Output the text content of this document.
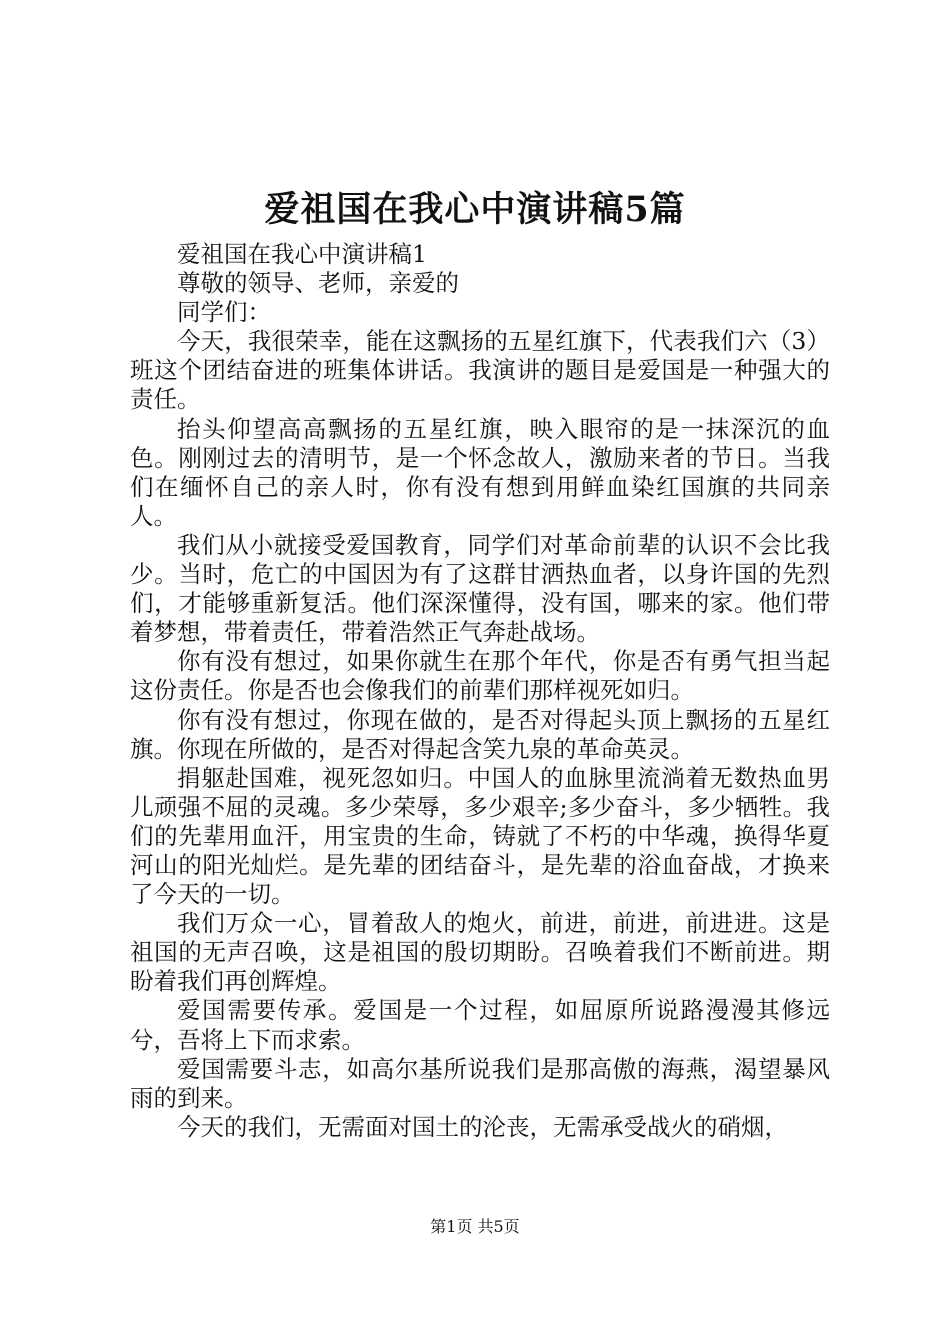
爱祖国在我心中演讲稿5篇

爱祖国在我心中演讲稿1

尊敬的领导、老师，亲爱的

同学们：

今天，我很荣幸，能在这飘扬的五星红旗下，代表我们六（3）班这个团结奋进的班集体讲话。我演讲的题目是爱国是一种强大的责任。

抬头仰望高高飘扬的五星红旗，映入眼帘的是一抹深沉的血色。刚刚过去的清明节，是一个怀念故人，激励来者的节日。当我们在缅怀自己的亲人时，你有没有想到用鲜血染红国旗的共同亲人。

我们从小就接受爱国教育，同学们对革命前辈的认识不会比我少。当时，危亡的中国因为有了这群甘洒热血者，以身许国的先烈们，才能够重新复活。他们深深懂得，没有国，哪来的家。他们带着梦想，带着责任，带着浩然正气奔赴战场。

你有没有想过，如果你就生在那个年代，你是否有勇气担当起这份责任。你是否也会像我们的前辈们那样视死如归。

你有没有想过，你现在做的，是否对得起头顶上飘扬的五星红旗。你现在所做的，是否对得起含笑九泉的革命英灵。

捐躯赴国难，视死忽如归。中国人的血脉里流淌着无数热血男儿顽强不屈的灵魂。多少荣辱，多少艰辛;多少奋斗，多少牺牲。我们的先辈用血汗，用宝贵的生命，铸就了不朽的中华魂，换得华夏河山的阳光灿烂。是先辈的团结奋斗，是先辈的浴血奋战，才换来了今天的一切。

我们万众一心，冒着敌人的炮火，前进，前进，前进进。这是祖国的无声召唤，这是祖国的殷切期盼。召唤着我们不断前进。期盼着我们再创辉煌。

爱国需要传承。爱国是一个过程，如屈原所说路漫漫其修远兮，吾将上下而求索。

爱国需要斗志，如高尔基所说我们是那高傲的海燕，渴望暴风雨的到来。

今天的我们，无需面对国土的沦丧，无需承受战火的硝烟，

第1页 共5页
